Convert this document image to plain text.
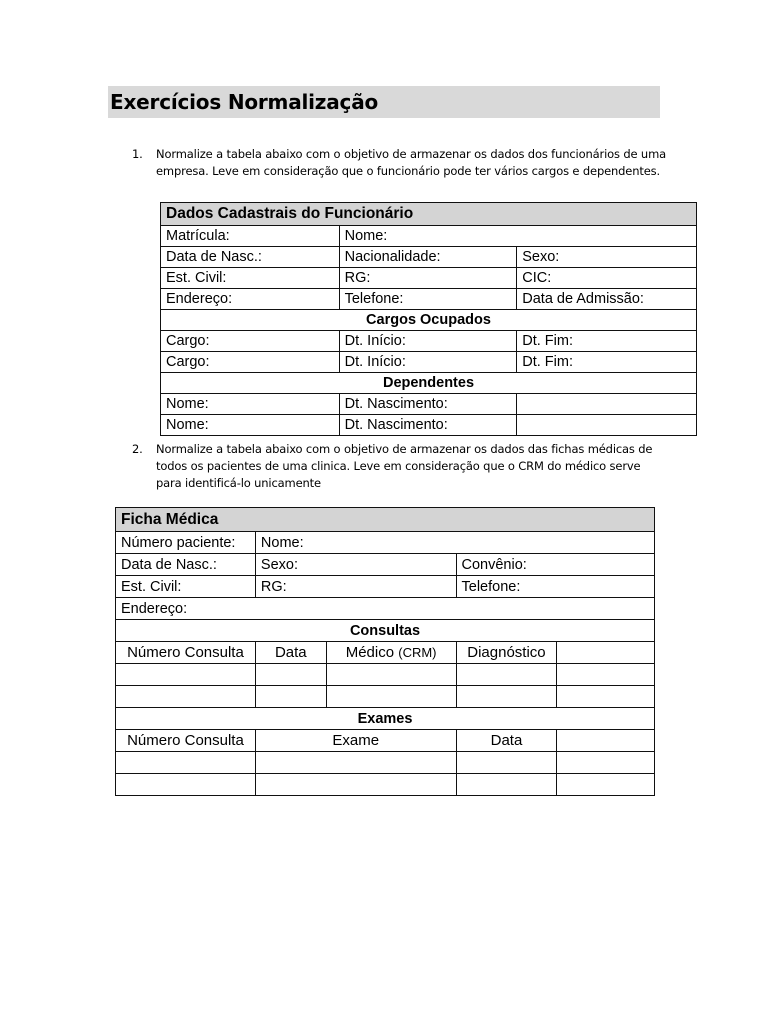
Exercícios Normalização
1. Normalize a tabela abaixo com o objetivo de armazenar os dados dos funcionários de uma empresa. Leve em consideração que o funcionário pode ter vários cargos e dependentes.
Dados Cadastrais do Funcionário		
Matrícula:	Nome:	
Data de Nasc.:	Nacionalidade:	Sexo:
Est. Civil:	RG:	CIC:
Endereço:	Telefone:	Data de Admissão:
Cargos Ocupados		
Cargo:	Dt. Início:	Dt. Fim:
Cargo:	Dt. Início:	Dt. Fim:
Dependentes		
Nome:	Dt. Nascimento:	
Nome:	Dt. Nascimento:	
2. Normalize a tabela abaixo com o objetivo de armazenar os dados das fichas médicas de todos os pacientes de uma clinica. Leve em consideração que o CRM do médico serve para identificá-lo unicamente
Ficha Médica				
Número paciente:	Nome:			
Data de Nasc.:	Sexo:		Convênio:	
Est. Civil:	RG:		Telefone:	
Endereço:				
Consultas				
Número Consulta	Data	Médico (CRM)	Diagnóstico	

Exames				
Número Consulta	Exame		Data	
